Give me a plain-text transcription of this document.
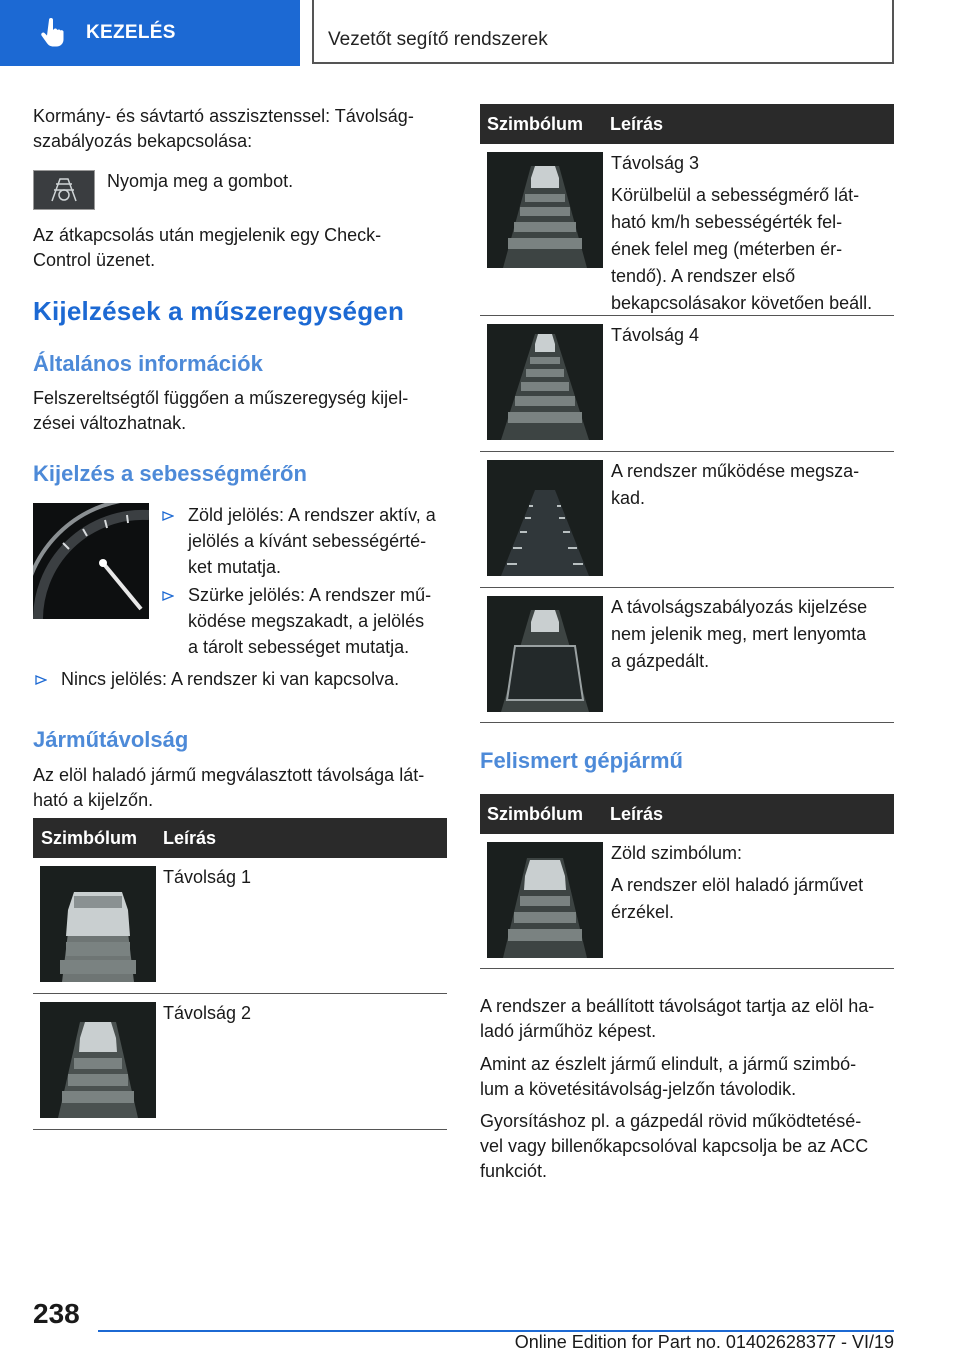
KEZELÉS	Vezetőt segítő rendszerek

Kormány- és sávtartó asszisztenssel: Távolság-
szabályozás bekapcsolása:

Nyomja meg a gombot.

Az átkapcsolás után megjelenik egy Check-
Control üzenet.

Kijelzések a műszeregységen
Általános információk

Felszereltségtől függően a műszeregység kijel-
zései változhatnak.

Kijelzés a sebességmérőn
Zöld jelölés: A rendszer aktív, a
jelölés a kívánt sebességérté-
ket mutatja.
Szürke jelölés: A rendszer mű-
ködése megszakadt, a jelölés
a tárolt sebességet mutatja.
Nincs jelölés: A rendszer ki van kapcsolva.
Járműtávolság

Az elöl haladó jármű megválasztott távolsága lát-
ható a kijelzőn.

Szimbólum Leírás
Távolság 1
Távolság 2
Szimbólum Leírás
Távolság 3
Körülbelül a sebességmérő lát-
ható km/h sebességérték fel-
ének felel meg (méterben ér-
tendő). A rendszer első
bekapcsolásakor követően beáll.
Távolság 4
A rendszer működése megsza-
kad.
A távolságszabályozás kijelzése
nem jelenik meg, mert lenyomta
a gázpedált.
Felismert gépjármű
Szimbólum Leírás
Zöld szimbólum:
A rendszer elöl haladó járművet
érzékel.

A rendszer a beállított távolságot tartja az elöl ha-
ladó járműhöz képest.

Amint az észlelt jármű elindult, a jármű szimbó-
lum a követésitávolság-jelzőn távolodik.

Gyorsításhoz pl. a gázpedál rövid működtetésé-
vel vagy billenőkapcsolóval kapcsolja be az ACC
funkciót.

238
Online Edition for Part no. 01402628377 - VI/19
